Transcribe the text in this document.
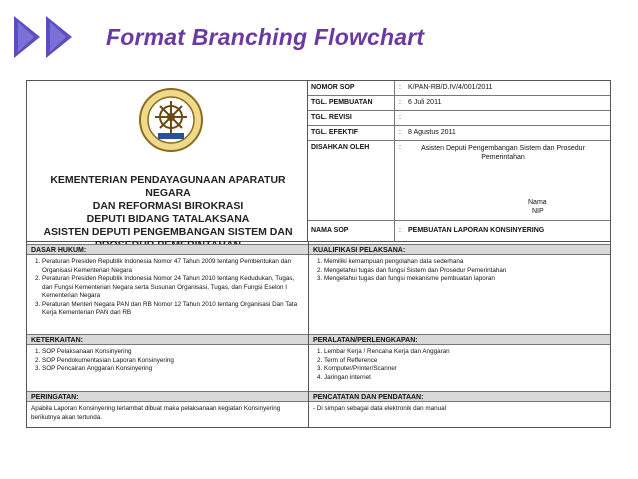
Format Branching Flowchart
KEMENTERIAN PENDAYAGUNAAN APARATUR NEGARA
DAN REFORMASI BIROKRASI
DEPUTI BIDANG TATALAKSANA
ASISTEN DEPUTI PENGEMBANGAN SISTEM DAN
NOMOR SOP	: K/PAN-RB/D.IV/4/001/2011
TGL. PEMBUATAN	: 6 Juli 2011
TGL. REVISI	:
TGL. EFEKTIF	: 8 Agustus 2011
DISAHKAN OLEH	:	Asisten Deputi Pengembangan Sistem dan Prosedur Pemerintahan
Nama
NIP
NAMA SOP	: PEMBUATAN LAPORAN KONSINYERING
DASAR HUKUM:
1. Peraturan Presiden Republik Indonesia Nomor 47 Tahun 2009 tentang Pembentukan dan Organisasi Kementerian Negara
2. Peraturan Presiden Republik Indonesia Nomor 24 Tahun 2010 tentang Kedudukan, Tugas, dan Fungsi Kementerian Negara serta Susunan Organisasi, Tugas, dan Fungsi Eselon I Kementerian Negara
3. Peraturan Menteri Negara PAN dan RB Nomor 12 Tahun 2010 tentang Organisasi Dan Tata Kerja Kementerian PAN dan RB
KUALIFIKASI PELAKSANA:
1. Memiliki kemampuan pengolahan data sederhana
2. Mengetahui tugas dan fungsi Sistem dan Prosedur Pemerintahan
3. Mengetahui tugas dan fungsi mekanisme pembuatan laporan
KETERKAITAN:
1. SOP Pelaksanaan Konsinyering
2. SOP Pendokumentasian Laporan Konsinyering
3. SOP Pencairan Anggaran Konsinyering
PERALATAN/PERLENGKAPAN:
1. Lembar Kerja / Rencana Kerja dan Anggaran
2. Term of Refference
3. Komputer/Printer/Scanner
4. Jaringan internet
PERINGATAN:
Apabila Laporan Konsinyering terlambat dibuat maka pelaksanaan kegiatan Konsinyering berikutnya akan tertunda.
PENCATATAN DAN PENDATAAN:
- Di simpan sebagai data elektronik dan manual
